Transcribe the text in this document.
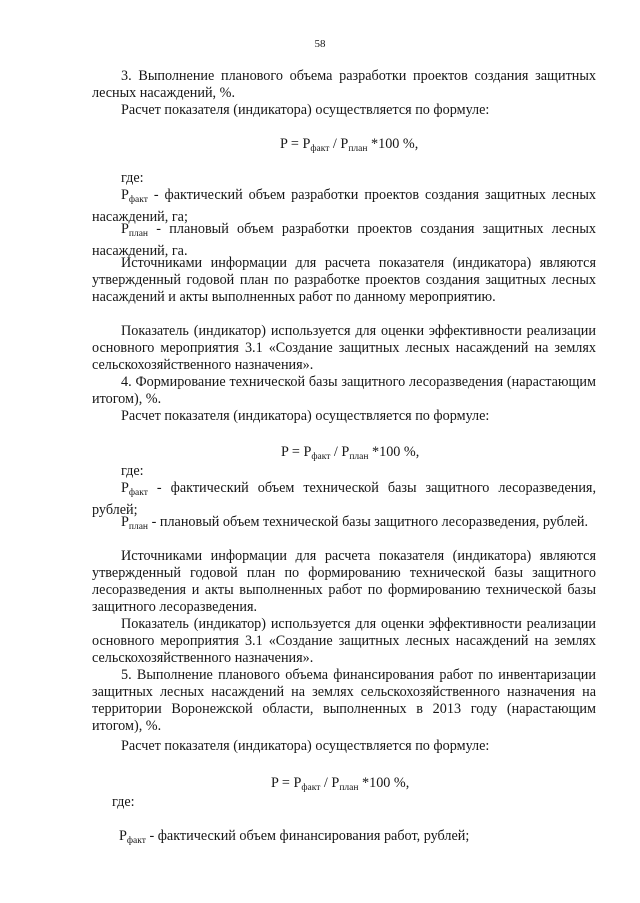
58
3. Выполнение планового объема разработки проектов создания защитных лесных насаждений, %.
Расчет показателя (индикатора) осуществляется по формуле:
$P = P_{факт} / P_{план}$ *100 %,
где:
$Р_{факт}$ - фактический объем разработки проектов создания защитных лесных насаждений, га;
$Р_{план}$ - плановый объем разработки проектов создания защитных лесных насаждений, га.
Источниками информации для расчета показателя (индикатора) являются утвержденный годовой план по разработке проектов создания защитных лесных насаждений и акты выполненных работ по данному мероприятию.
Показатель (индикатор) используется для оценки эффективности реализации основного мероприятия 3.1 «Создание защитных лесных насаждений на землях сельскохозяйственного назначения».
4. Формирование технической базы защитного лесоразведения (нарастающим итогом), %.
Расчет показателя (индикатора) осуществляется по формуле:
$P = P_{факт} / P_{план}$ *100 %,
где:
$Р_{факт}$ - фактический объем технической базы защитного лесоразведения, рублей;
$Р_{план}$ - плановый объем технической базы защитного лесоразведения, рублей.
Источниками информации для расчета показателя (индикатора) являются утвержденный годовой план по формированию технической базы защитного лесоразведения и акты выполненных работ по формированию технической базы защитного лесоразведения.
Показатель (индикатор) используется для оценки эффективности реализации основного мероприятия 3.1 «Создание защитных лесных насаждений на землях сельскохозяйственного назначения».
5. Выполнение планового объема финансирования работ по инвентаризации защитных лесных насаждений на землях сельскохозяйственного назначения на территории Воронежской области, выполненных в 2013 году (нарастающим итогом), %.
Расчет показателя (индикатора) осуществляется по формуле:
$P = P_{факт} / P_{план}$ *100 %,
где:
$Р_{факт}$ - фактический объем финансирования работ, рублей;
